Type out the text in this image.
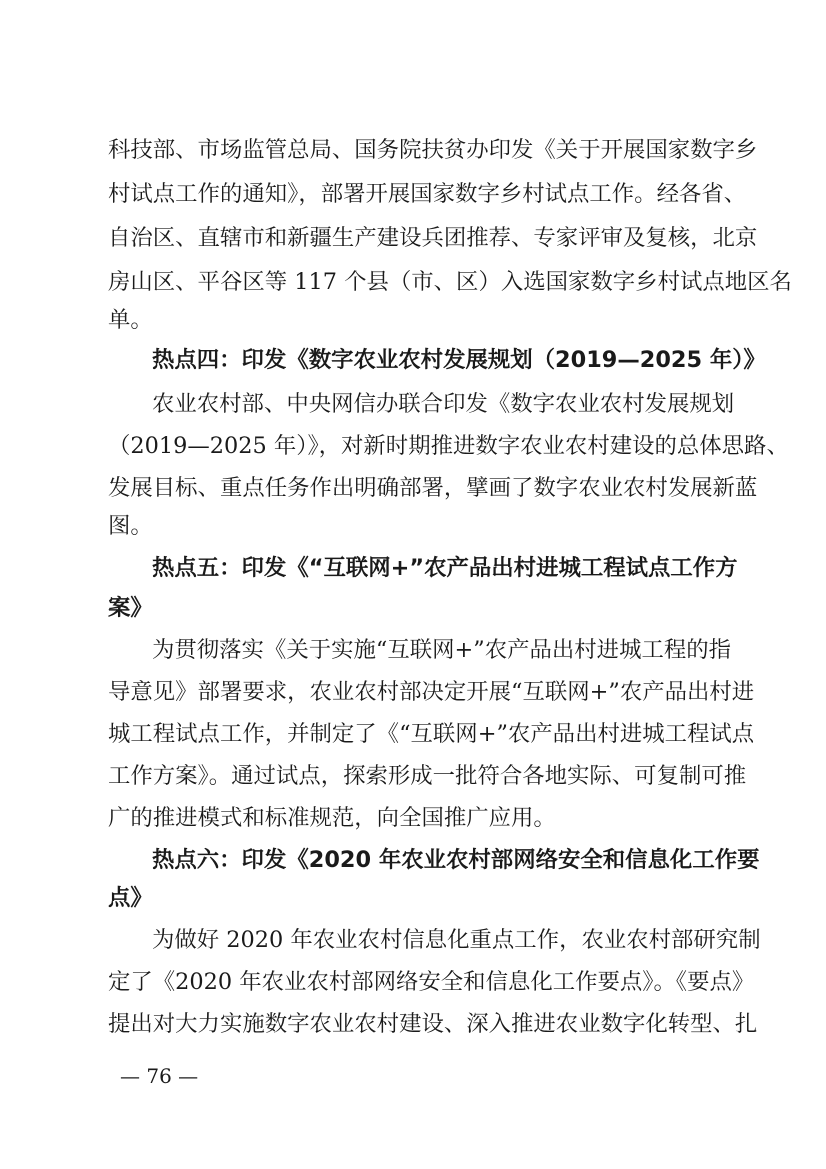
科技部、市场监管总局、国务院扶贫办印发《关于开展国家数字乡
村试点工作的通知》，部署开展国家数字乡村试点工作。经各省、
自治区、直辖市和新疆生产建设兵团推荐、专家评审及复核，北京
房山区、平谷区等 117 个县（市、区）入选国家数字乡村试点地区名
单。
热点四：印发《数字农业农村发展规划（2019—2025 年）》
农业农村部、中央网信办联合印发《数字农业农村发展规划
（2019—2025 年）》，对新时期推进数字农业农村建设的总体思路、
发展目标、重点任务作出明确部署，擘画了数字农业农村发展新蓝
图。
热点五：印发《“互联网+”农产品出村进城工程试点工作方
案》
为贯彻落实《关于实施“互联网+”农产品出村进城工程的指
导意见》部署要求，农业农村部决定开展“互联网+”农产品出村进
城工程试点工作，并制定了《“互联网+”农产品出村进城工程试点
工作方案》。通过试点，探索形成一批符合各地实际、可复制可推
广的推进模式和标准规范，向全国推广应用。
热点六：印发《2020 年农业农村部网络安全和信息化工作要
点》
为做好 2020 年农业农村信息化重点工作，农业农村部研究制
定了《2020 年农业农村部网络安全和信息化工作要点》。《要点》
提出对大力实施数字农业农村建设、深入推进农业数字化转型、扎
— 76 —
